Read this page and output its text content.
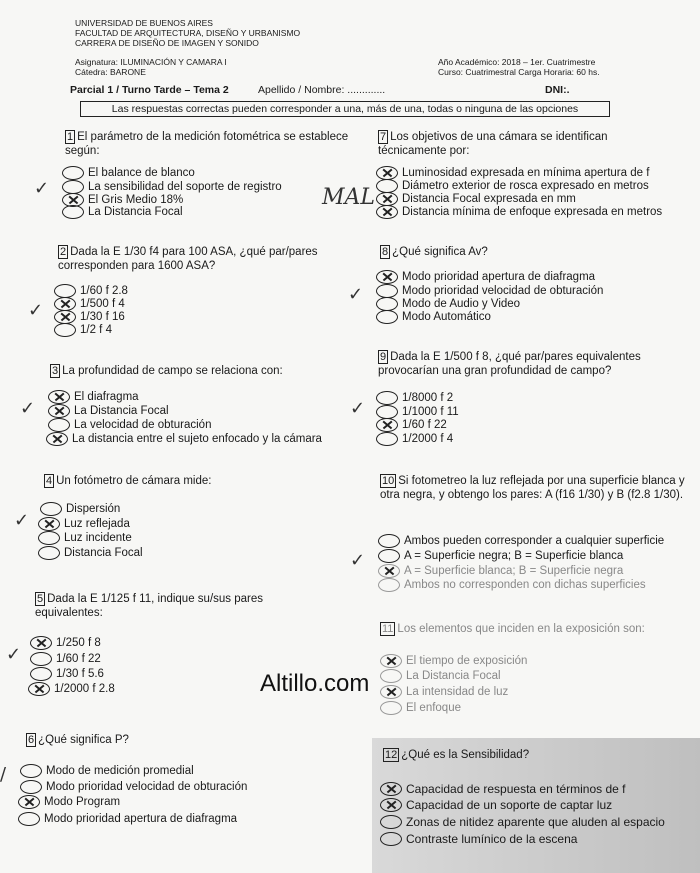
UNIVERSIDAD DE BUENOS AIRES
FACULTAD DE ARQUITECTURA, DISEÑO Y URBANISMO
CARRERA DE DISEÑO DE IMAGEN Y SONIDO
Asignatura: ILUMINACIÓN Y CAMARA I
Cátedra: BARONE
Año Académico: 2018 – 1er. Cuatrimestre
Curso: Cuatrimestral Carga Horaria: 60 hs.
Parcial 1 / Turno Tarde – Tema 2	Apellido / Nombre: .............	DNI:.
Las respuestas correctas pueden corresponder a una, más de una, todas o ninguna de las opciones
1 El parámetro de la medición fotométrica se establece según:
El balance de blanco
La sensibilidad del soporte de registro
El Gris Medio 18%
La Distancia Focal
✓
2 Dada la E 1/30 f4 para 100 ASA, ¿qué par/pares corresponden para 1600 ASA?
1/60 f 2.8
1/500 f 4
1/30 f 16
1/2 f 4
✓
3 La profundidad de campo se relaciona con:
El diafragma
La Distancia Focal
La velocidad de obturación
La distancia entre el sujeto enfocado y la cámara
✓
4 Un fotómetro de cámara mide:
Dispersión
Luz reflejada
Luz incidente
Distancia Focal
✓
5 Dada la E 1/125 f 11, indique su/sus pares equivalentes:
1/250 f 8
1/60 f 22
1/30 f 5.6
1/2000 f 2.8
✓
6 ¿Qué significa P?
Modo de medición promedial
Modo prioridad velocidad de obturación
Modo Program
Modo prioridad apertura de diafragma
/
7 Los objetivos de una cámara se identifican técnicamente por:
Luminosidad expresada en mínima apertura de f
Diámetro exterior de rosca expresado en metros
Distancia Focal expresada en mm
Distancia mínima de enfoque expresada en metros
MAL
8 ¿Qué significa Av?
Modo prioridad apertura de diafragma
Modo prioridad velocidad de obturación
Modo de Audio y Video
Modo Automático
✓
9 Dada la E 1/500 f 8, ¿qué par/pares equivalentes provocarían una gran profundidad de campo?
1/8000 f 2
1/1000 f 11
1/60 f 22
1/2000 f 4
✓
10 Si fotometreo la luz reflejada por una superficie blanca y otra negra, y obtengo los pares: A (f16 1/30) y B (f2.8 1/30).
Ambos pueden corresponder a cualquier superficie
A = Superficie negra; B = Superficie blanca
A = Superficie blanca; B = Superficie negra
Ambos no corresponden con dichas superficies
✓
11 Los elementos que inciden en la exposición son:
El tiempo de exposición
La Distancia Focal
La intensidad de luz
El enfoque
Altillo.com
12 ¿Qué es la Sensibilidad?
Capacidad de respuesta en términos de f
Capacidad de un soporte de captar luz
Zonas de nitidez aparente que aluden al espacio
Contraste lumínico de la escena
